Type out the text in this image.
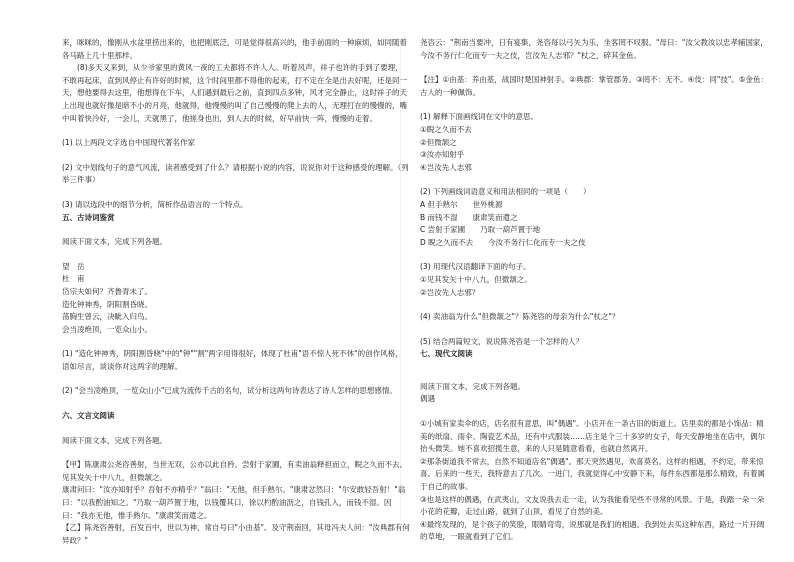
来，咪咪的，像刚从水盆里捞出来的，也把刚底泛，可是觉得很高兴的，他手前面的一种麻烦，如同随着各马路上几十里那样。

(8)多天又来到，从少爷家里的黄风一夜的工夫都将不许人人。听着风声，祥子也许的手到了要理，不敢再起床，直到风停止有许好的时候，这个时间里都不得他的起来，打不定在全是出去好呢，还是同一天，想他要得去这里，他想得在下车，人们遇到最后之前，直到四点多钟，风才完全静止，这时祥子的天上出现也就好像是暗不小的月亮，他就得，他慢慢的叫了自己慢慢的爬上去的人，无理打在的慢慢的，嘴中叫着快冷好，一会儿，天就黑了，他搓身也出，到人去的时候，好早前快一阵，慢慢的走着。

(1) 以上两段文字选自中国现代著名作家

(2) 文中划线句子的意气风流，读者感受到了什么？请根据小说的内容，说说你对于这种感受的理解。（列举三件事）

(3) 请以选段中的细节分析，简析作品语言的一个特点。

五、古诗词鉴赏

阅读下面文本，完成下列各题。

望　岳

杜　甫

岱宗夫如何？齐鲁青未了。

造化钟神秀，阴阳割昏晓。

荡胸生曾云，决眦入归鸟。

会当凌绝顶，一览众山小。

(1) "造化钟神秀，阴阳割昏晓"中的"钟""割"两字用得很好，体现了杜甫"语不惊人死不休"的创作风格，语如尽言，谈谈你对这两字的理解。

(2) "会当凌绝顶，一览众山小"已成为流传千古的名句，试分析这两句诗表达了诗人怎样的思想感情。

六、文言文阅读

阅读下面文本，完成下列各题。

【甲】陈康肃公尧咨善射，当世无双，公亦以此自矜。尝射于家圃，有卖油翁释担而立，睨之久而不去。见其发矢十中八九，但微颔之。

康肃问曰："汝亦知射乎？吾射不亦精乎？"翁曰："无他，但手熟尔。"康肃忿然曰："尔安敢轻吾射！"翁曰："以我酌油知之。"乃取一葫芦置于地，以钱覆其口，徐以杓酌油沥之，自钱孔入，而钱不湿。因曰："我亦无他，惟手熟尔。"康肃笑而遣之。

【乙】陈尧咨善射，百发百中，世以为神，常自号曰"小由基"。及守荆南回，其母冯夫人问："汝典郡有何异政？"

尧咨云："荆南当要冲，日有宴集，尧咨每以弓矢为乐，坐客罔不叹服。"母曰："汝父教汝以忠孝辅国家，今汝不务行仁化而专一夫之伎，岂汝先人志邪？"杖之，碎其金鱼。

【注】①由基：养由基，战国时楚国神射手。②典郡：掌管郡务。③罔不：无不。④伎：同"技"。⑤金鱼：古人的一种佩饰。

(1) 解释下面画线词在文中的意思。

①睨之久而不去

②但微颔之

③汝亦知射乎

④岂汝先人志邪

(2) 下列画线词语意义和用法相同的一项是（　　）

A 但手熟尔　　世外桃源

B 而钱不湿　　康肃笑而遣之

C 尝射于家圃　　乃取一葫芦置于地

D 睨之久而不去　　今汝不务行仁化而专一夫之伎

(3) 用现代汉语翻译下面的句子。

①见其发矢十中八九，但微颔之。

②岂汝先人志邪？

(4) 卖油翁为什么"但微颔之"？陈尧咨的母亲为什么"杖之"？

(5) 结合两篇短文，说说陈尧咨是一个怎样的人？

七、现代文阅读

阅读下面文本，完成下列各题。

偶遇

①小城有家卖伞的店，店名很有意思，叫"偶遇"。小店开在一条古旧的街道上。店里卖的都是小饰品：精美的纸扇、雨伞、陶瓷艺术品，还有中式服装……店主是个三十多岁的女子，每天安静地坐在店中，偶尔抬头微笑。她不喜欢招揽生意，来的人只是随意看看，也就自然离开。

②那条街道我不常去，自然不知道店名"偶遇"。那天突然遇见，欢喜莫名。这样的相遇，不约定，带来惊喜。后来的一些天，我特意去了几次。一进门，我就觉得心中安静下来，每件东西都是那么精致，有着属于自己的故事。

③也是这样的偶遇，在武夷山，文友说我去走一走，认为我能看见些不寻常的风景。于是，我踏一朵一朵小花的花瓣，走过山路，就到了山顶，看见了自然的美。

④最终发现的，是个孩子的笑脸，眼睛弯弯，说那就是我们的相遇。我到处去买这种东西，路过一片开阔的草地，一眼就看到了它们。
